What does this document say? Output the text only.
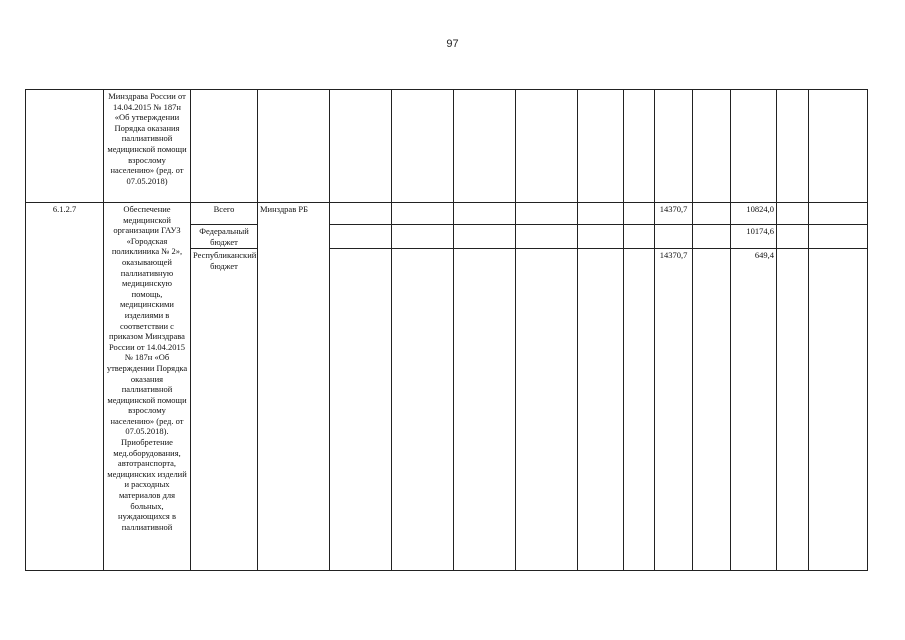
97
	Минздрава России от 14.04.2015 № 187н «Об утверждении Порядка оказания паллиативной медицинской помощи взрослому населению» (ред. от 07.05.2018)													
6.1.2.7	Обеспечение медицинской организации ГАУЗ «Городская поликлиника № 2», оказывающей паллиативную медицинскую помощь, медицинскими изделиями в соответствии с приказом Минздрава России от 14.04.2015 № 187н «Об утверждении Порядка оказания паллиативной медицинской помощи взрослому населению» (ред. от 07.05.2018). Приобретение мед.оборудования, автотранспорта, медицинских изделий и расходных материалов для больных, нуждающихся в паллиативной	Всего	Минздрав РБ							14370,7		10824,0		
		Федеральный бюджет										10174,6		
		Республиканский бюджет								14370,7		649,4		
